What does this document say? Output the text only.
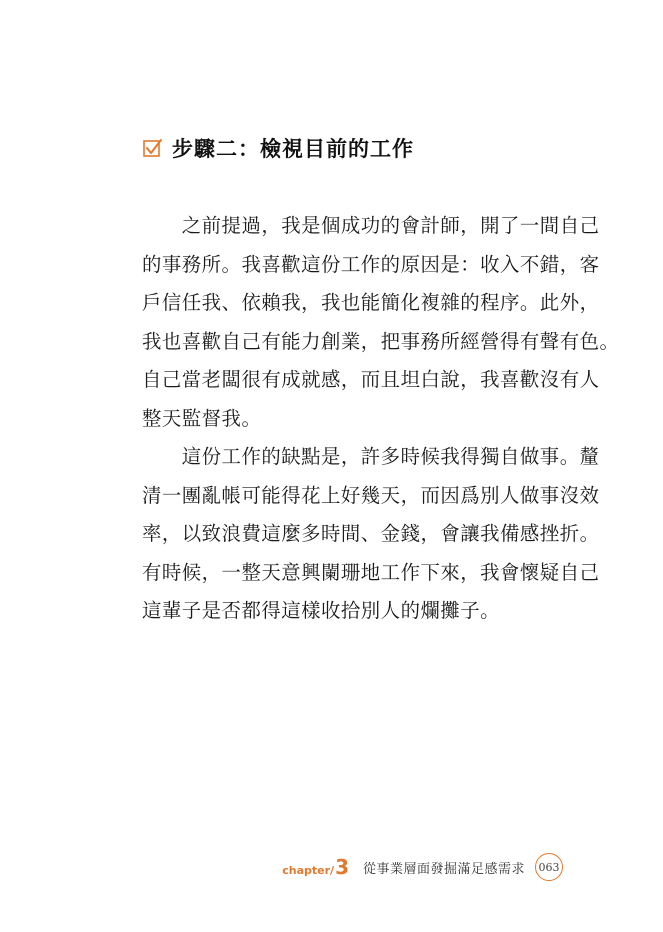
步驟二：檢視目前的工作
　　之前提過，我是個成功的會計師，開了一間自己
的事務所。我喜歡這份工作的原因是：收入不錯，客
戶信任我、依賴我，我也能簡化複雜的程序。此外，
我也喜歡自己有能力創業，把事務所經營得有聲有色。
自己當老闆很有成就感，而且坦白說，我喜歡沒有人
整天監督我。
　　這份工作的缺點是，許多時候我得獨自做事。釐
清一團亂帳可能得花上好幾天，而因爲別人做事沒效
率，以致浪費這麼多時間、金錢，會讓我備感挫折。
有時候，一整天意興闌珊地工作下來，我會懷疑自己
這輩子是否都得這樣收拾別人的爛攤子。
chapter / 3 從事業層面發掘滿足感需求	063
